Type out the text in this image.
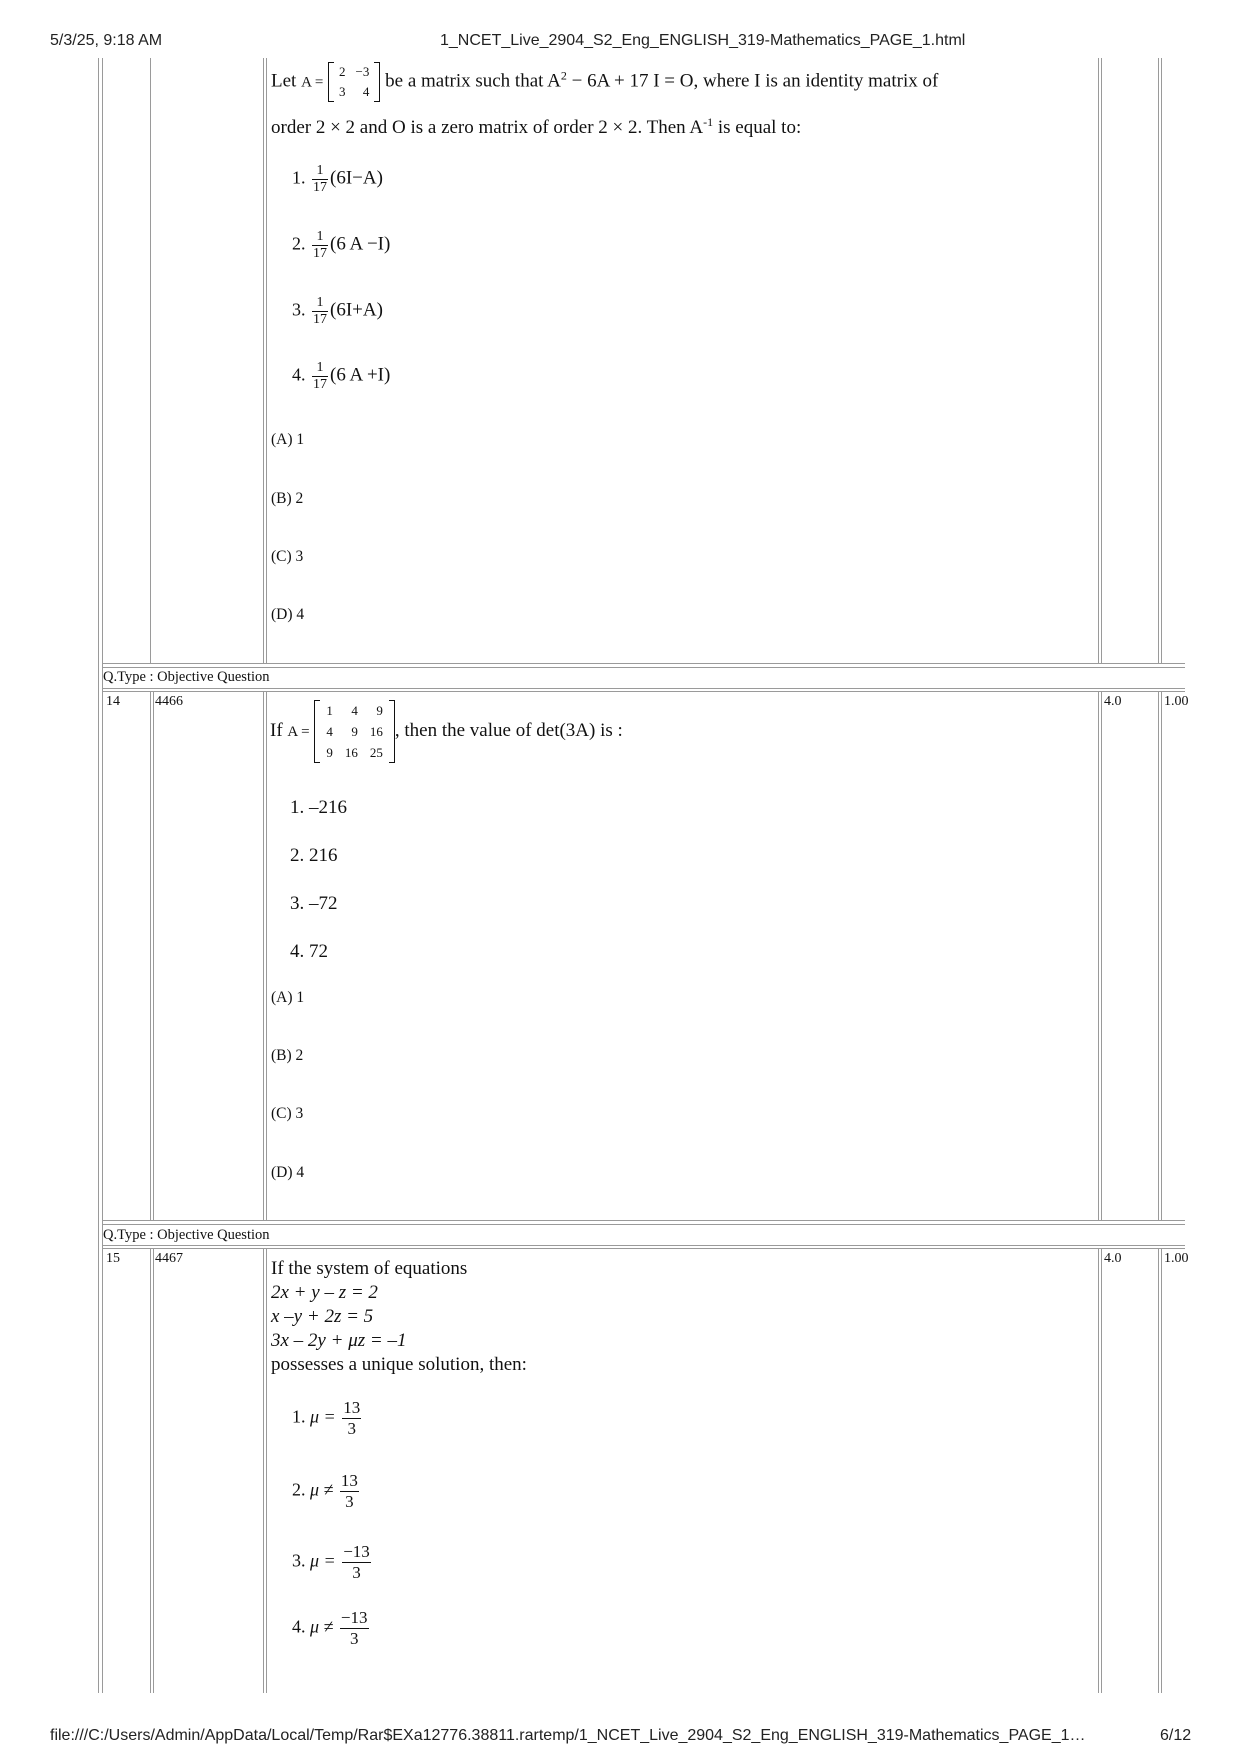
5/3/25, 9:18 AM	1_NCET_Live_2904_S2_Eng_ENGLISH_319-Mathematics_PAGE_1.html
Let A =
2	−3
3	4
be a matrix such that $A^2 - 6A + 17$ I = O, where I is an identity matrix of
order 2 × 2 and O is a zero matrix of order 2 × 2. Then $A^{-1}$ is equal to:
1. $\frac{1}{17} (6I-A)$
2. $\frac{1}{17} (6$ A −I)
3. $\frac{1}{17} (6I+A)$
4. $\frac{1}{17} (6$ A +I)
(A) 1
(B) 2
(C) 3
(D) 4
Q.Type : Objective Question
14	4466	4.0	1.00
If A =
1	4	9
4	9	16
9	16	25
, then the value of det(3A) is :
1. –216
2. 216
3. –72
4. 72
(A) 1
(B) 2
(C) 3
(D) 4
Q.Type : Objective Question
15	4467	4.0	1.00
If the system of equations
2x + y – z = 2
x –y + 2z = 5
3x – 2y + μz = –1
possesses a unique solution, then:
1. $\mu = \frac{13}{3}$
2. $\mu \ne \frac{13}{3}$
3. $\mu = \frac{-13}{3}$
4. $\mu \ne \frac{-13}{3}$
file:///C:/Users/Admin/AppData/Local/Temp/Rar$EXa12776.38811.rartemp/1_NCET_Live_2904_S2_Eng_ENGLISH_319-Mathematics_PAGE_1…	6/12
